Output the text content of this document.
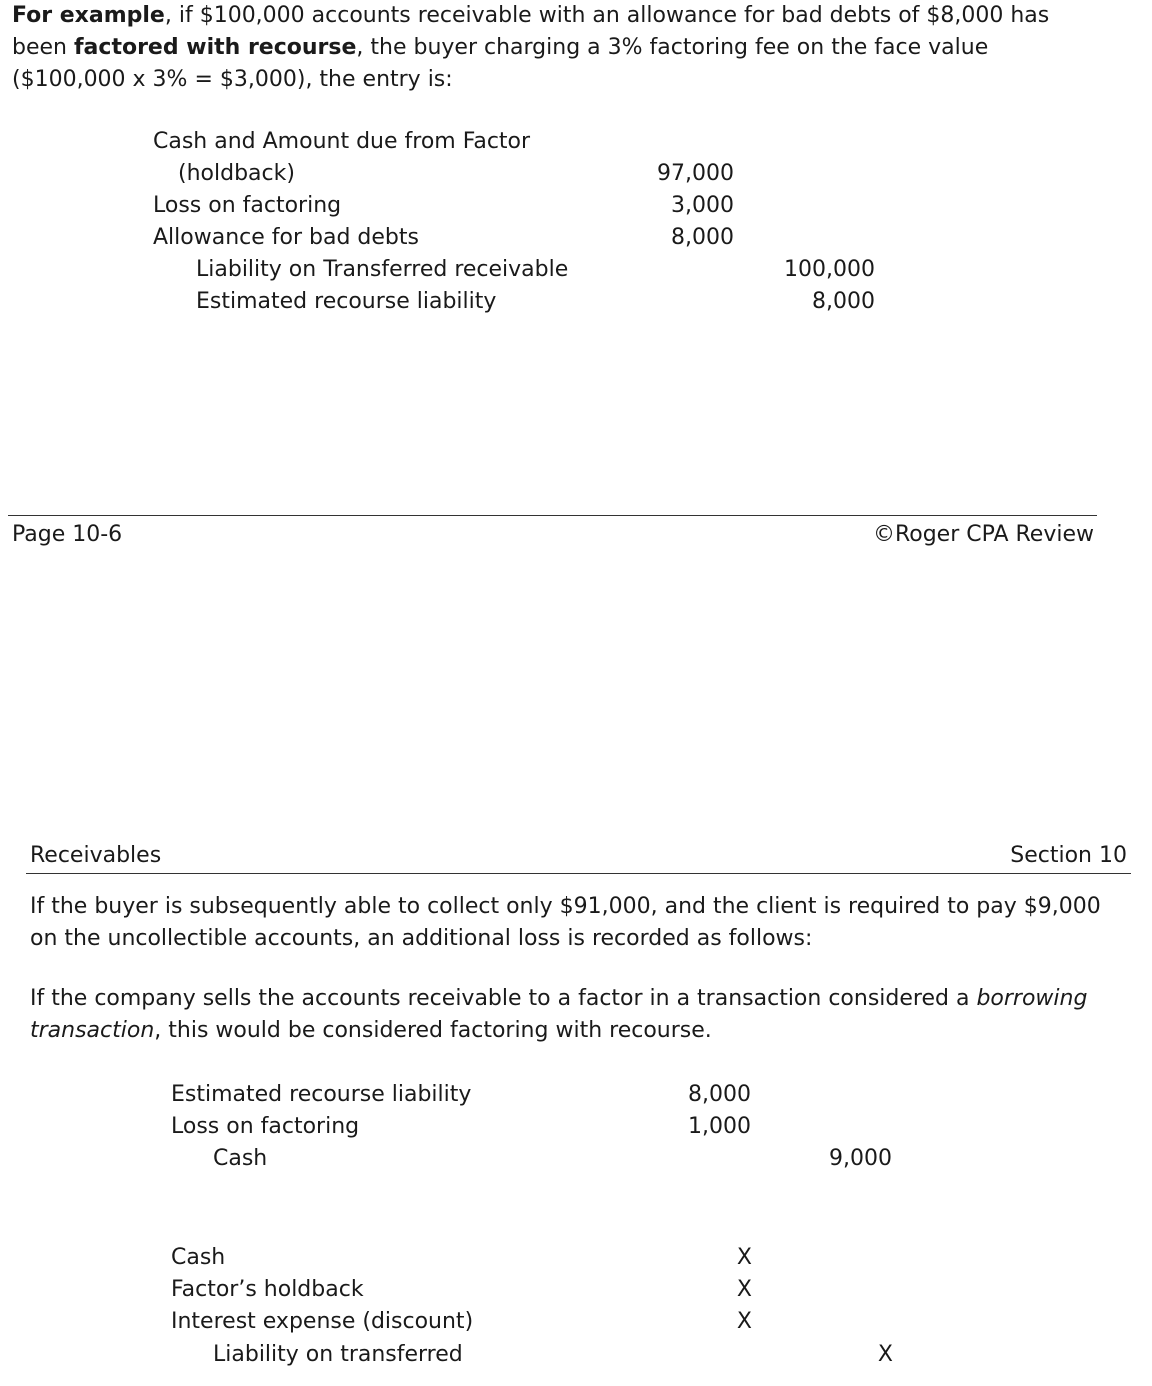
For example, if $100,000 accounts receivable with an allowance for bad debts of $8,000 has been factored with recourse, the buyer charging a 3% factoring fee on the face value ($100,000 x 3% = $3,000), the entry is:
Cash and Amount due from Factor
(holdback)	97,000
Loss on factoring	3,000
Allowance for bad debts	8,000
Liability on Transferred receivable	100,000
Estimated recourse liability	8,000
Page 10-6	©Roger CPA Review
Receivables	Section 10
If the buyer is subsequently able to collect only $91,000, and the client is required to pay $9,000 on the uncollectible accounts, an additional loss is recorded as follows:
If the company sells the accounts receivable to a factor in a transaction considered a borrowing transaction, this would be considered factoring with recourse.
Estimated recourse liability	8,000
Loss on factoring	1,000
Cash	9,000
Cash	X
Factor’s holdback	X
Interest expense (discount)	X
Liability on transferred	X
